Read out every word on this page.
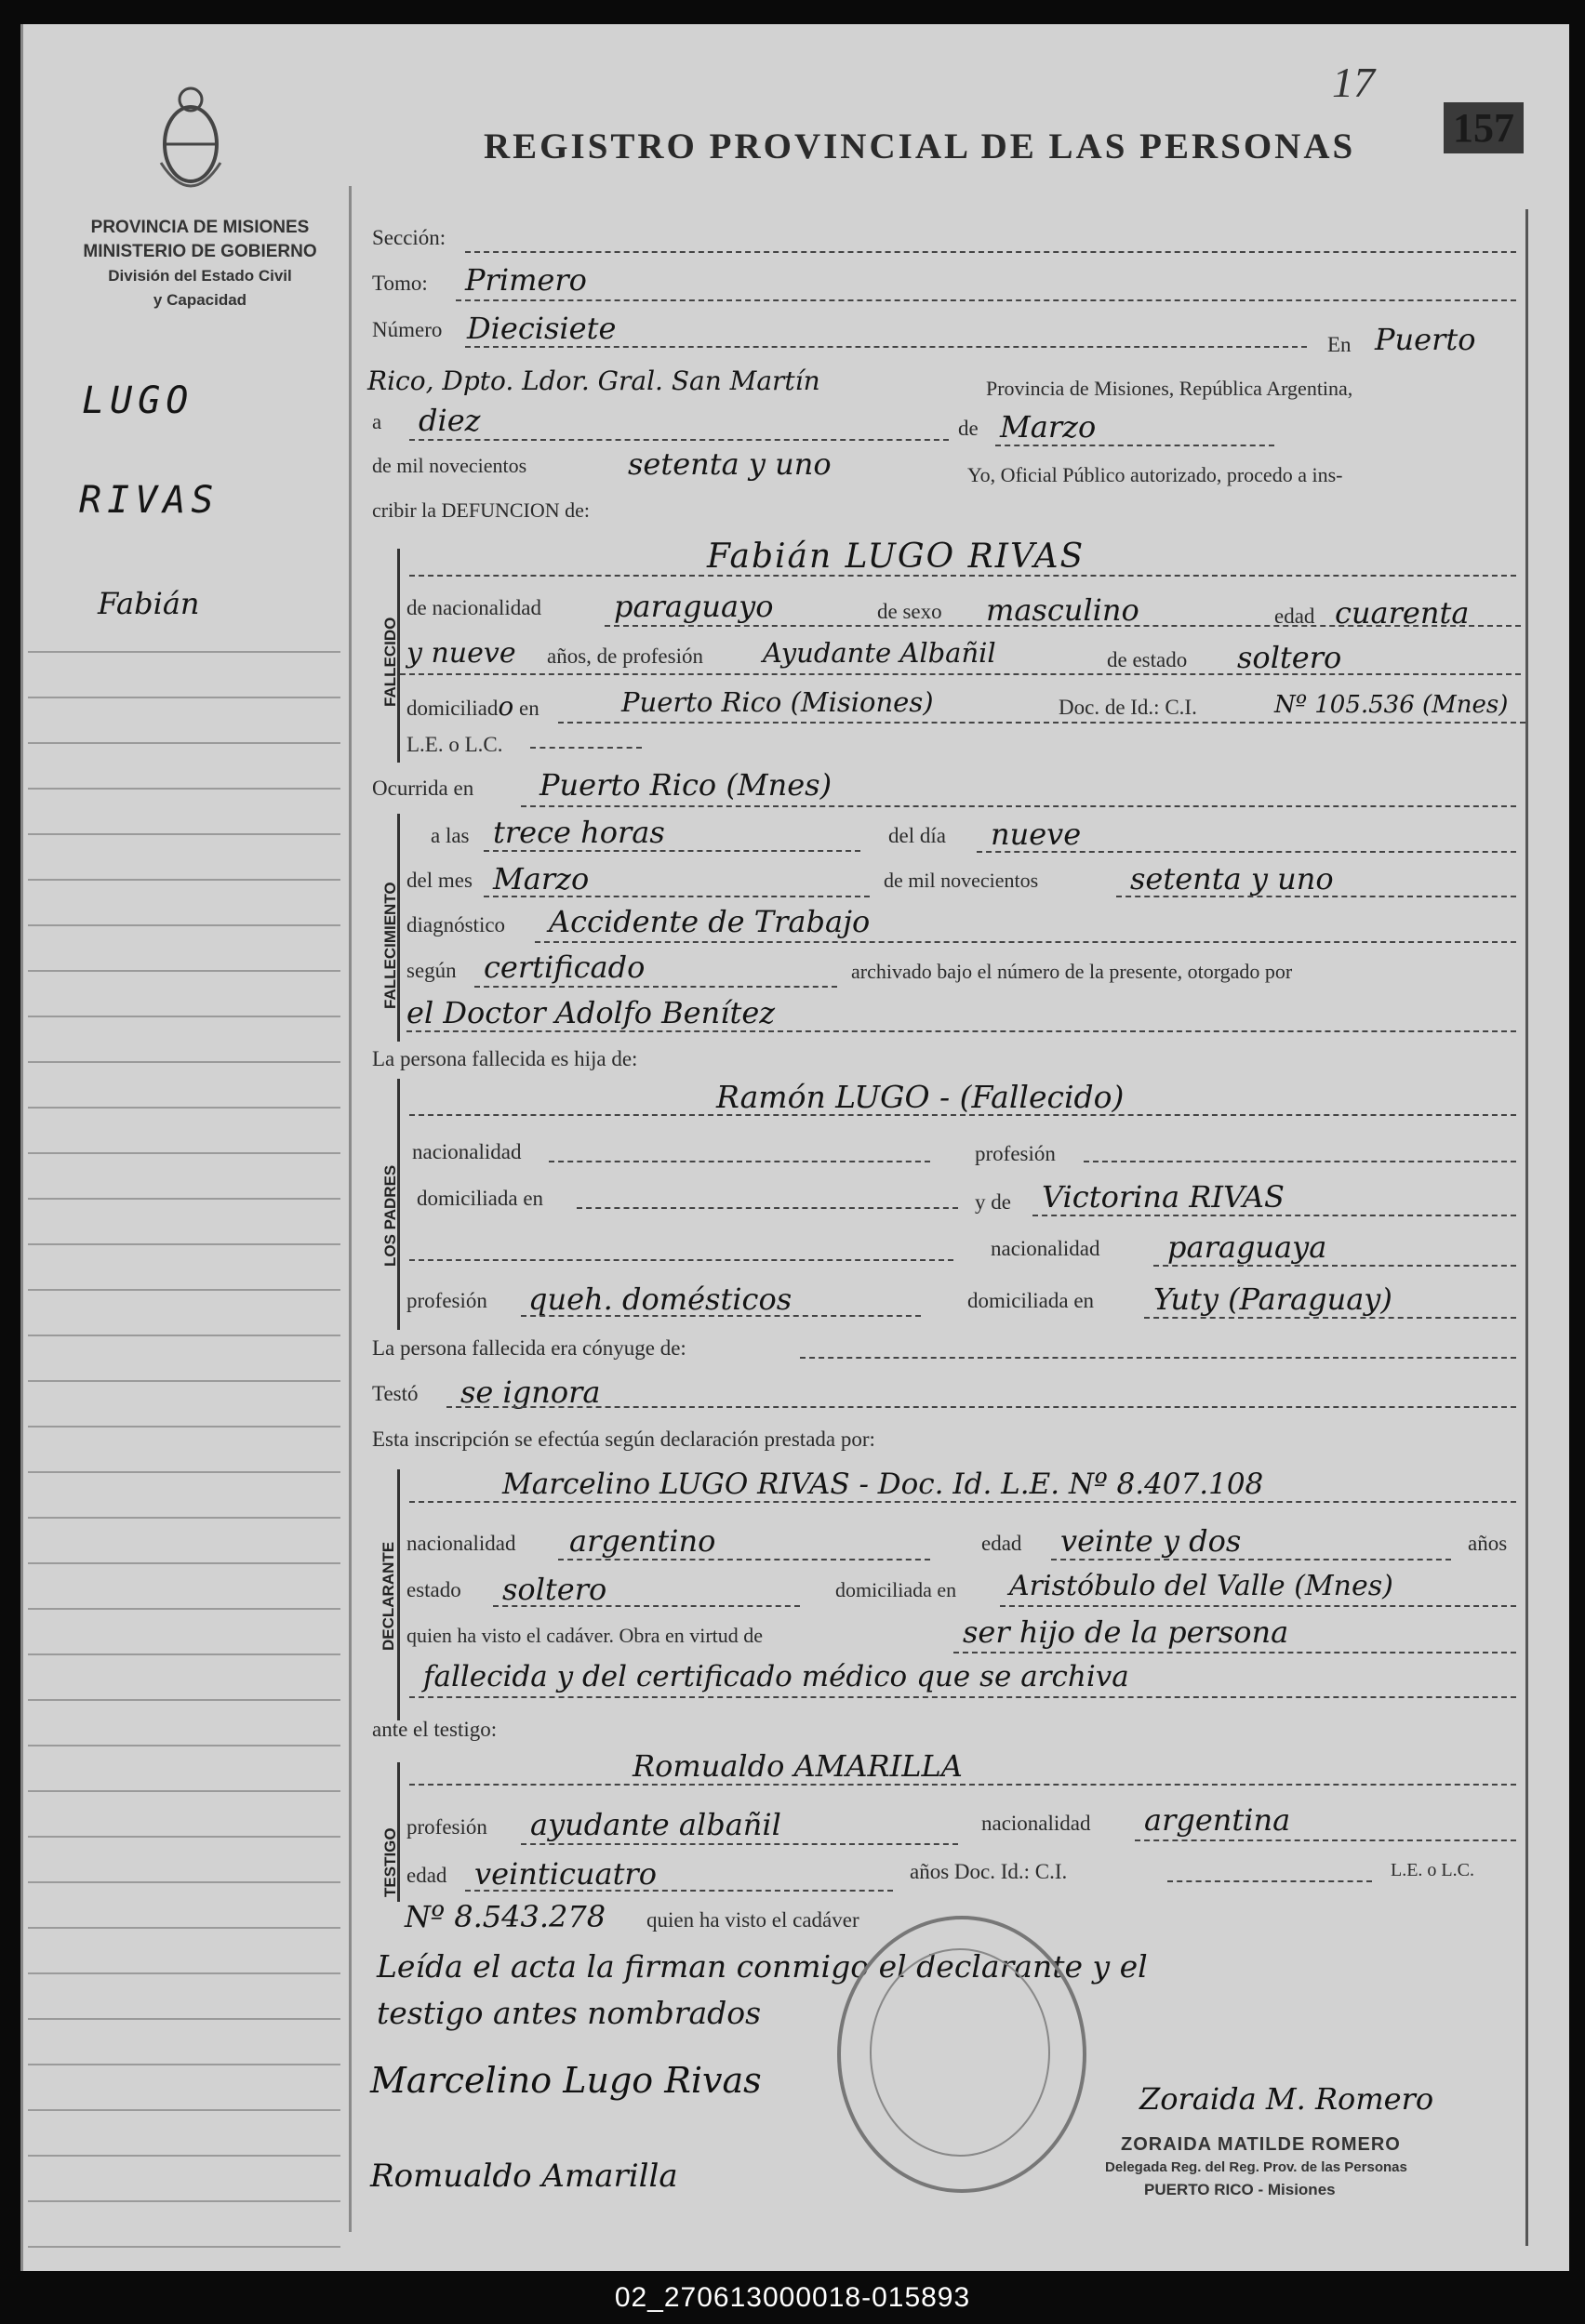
PROVINCIA DE MISIONES
MINISTERIO DE GOBIERNO
División del Estado Civil
y Capacidad
17
157
REGISTRO PROVINCIAL DE LAS PERSONAS
LUGO
RIVAS
Fabián
Sección:
Tomo: Primero
Número Diecisiete	En Puerto
Rico, Dpto. Ldor. Gral. San Martín	Provincia de Misiones, República Argentina,
a diez	de Marzo
de mil novecientos	setenta y uno	Yo, Oficial Público autorizado, procedo a ins-
cribir la DEFUNCION de:
FALLECIDO
Fabián LUGO RIVAS
de nacionalidad paraguayo	de sexo masculino	edad cuarenta
y nueve años, de profesión Ayudante Albañil	de estado soltero
domiciliado en	Puerto Rico (Misiones)	Doc. de Id.: C.I.	Nº 105.536 (Mnes)
L.E. o L.C.
Ocurrida en Puerto Rico (Mnes)
FALLECIMIENTO
a las trece horas	del día nueve
del mes Marzo	de mil novecientos	setenta y uno
diagnóstico Accidente de Trabajo
según certificado	archivado bajo el número de la presente, otorgado por
el Doctor Adolfo Benítez
La persona fallecida es hija de:
LOS PADRES
Ramón LUGO - (Fallecido)
nacionalidad	profesión
domiciliada en	y de Victorina RIVAS
nacionalidad paraguaya
profesión queh. domésticos	domiciliada en Yuty (Paraguay)
La persona fallecida era cónyuge de:
Testó se ignora
Esta inscripción se efectúa según declaración prestada por:
DECLARANTE
Marcelino LUGO RIVAS - Doc. Id. L.E. Nº 8.407.108
nacionalidad argentino	edad veinte y dos	años
estado soltero	domiciliada en Aristóbulo del Valle (Mnes)
quien ha visto el cadáver. Obra en virtud de	ser hijo de la persona
fallecida y del certificado médico que se archiva
ante el testigo:
TESTIGO
Romualdo AMARILLA
profesión ayudante albañil	nacionalidad argentina
edad veinticuatro	años Doc. Id.: C.I.	L.E. o L.C.
Nº 8.543.278 quien ha visto el cadáver
Leída el acta la firman conmigo el declarante y el
testigo antes nombrados
Marcelino Lugo Rivas
Romualdo Amarilla
Zoraida M. Romero
ZORAIDA MATILDE ROMERO
Delegada Reg. del Reg. Prov. de las Personas
PUERTO RICO - Misiones
02_270613000018-015893
